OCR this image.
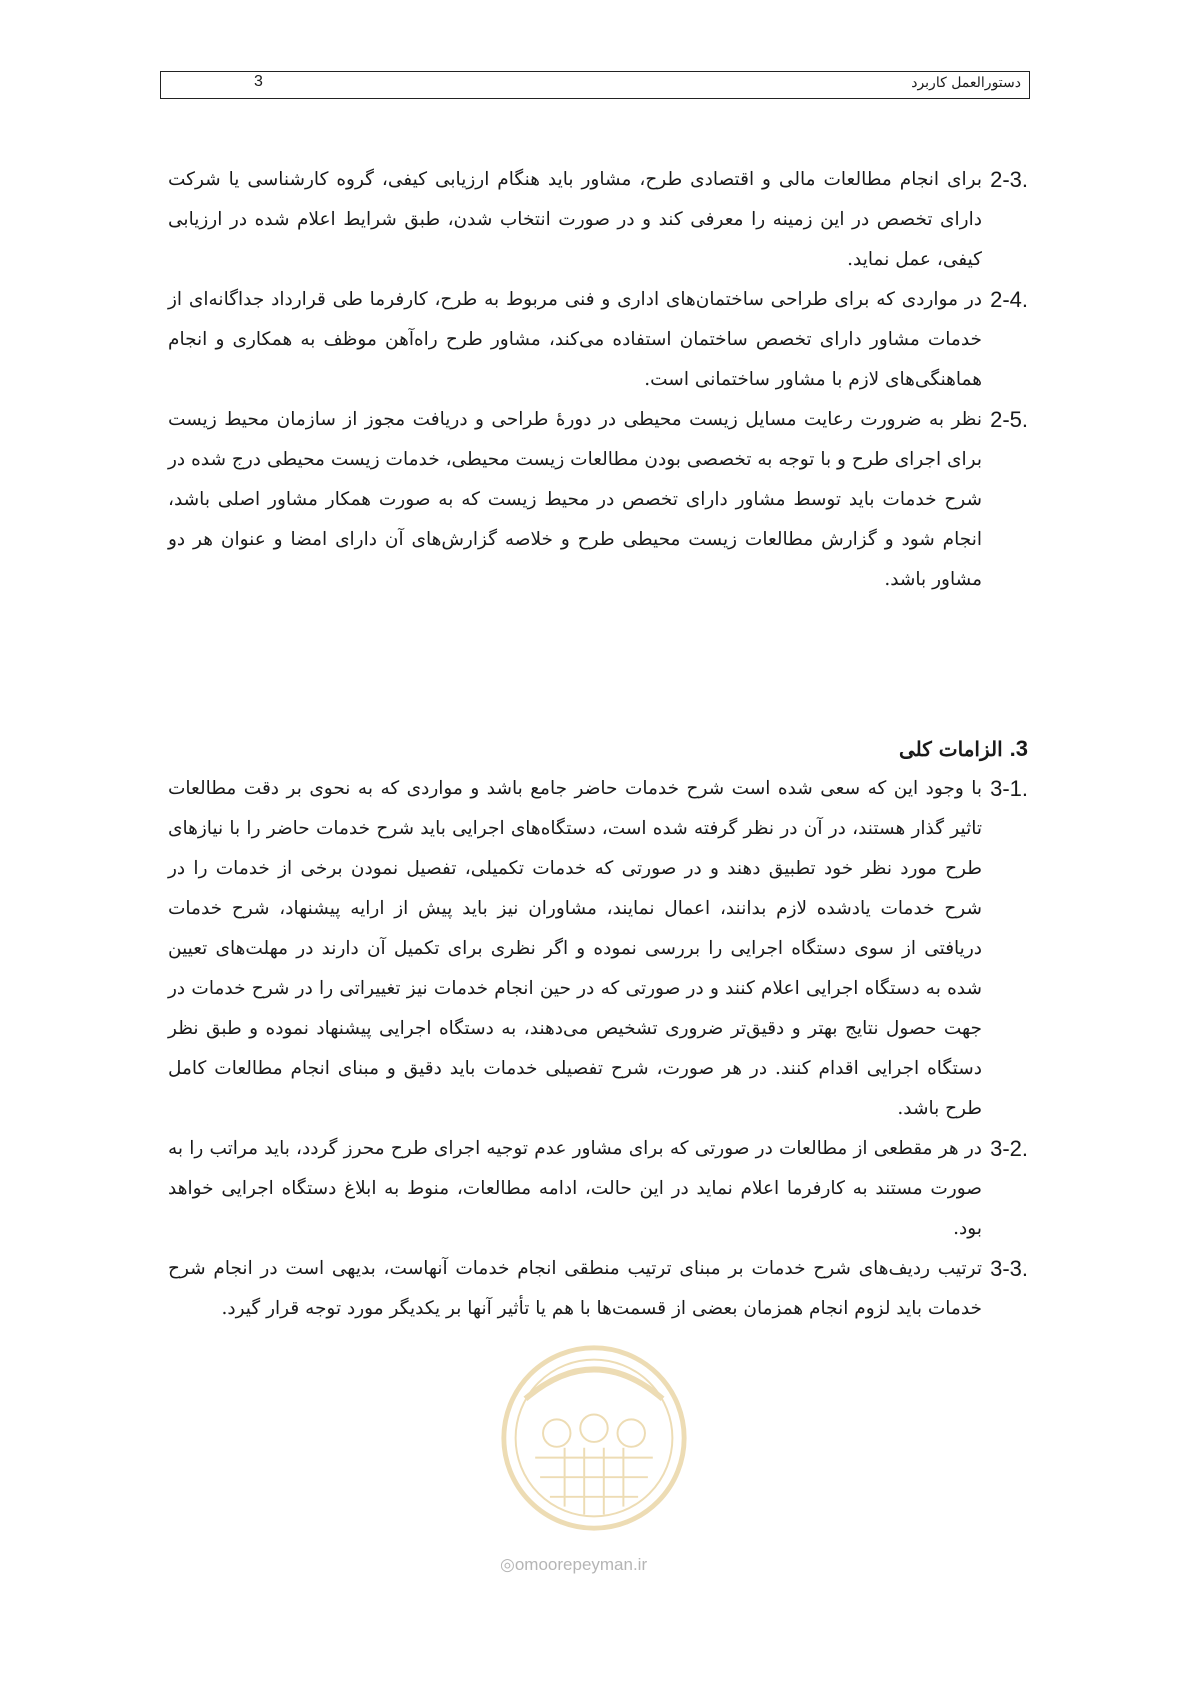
دستورالعمل کاربرد
3

2-3.
برای انجام مطالعات مالی و اقتصادی طرح، مشاور باید هنگام ارزیابی کیفی، گروه کارشناسی یا شرکت دارای تخصص در این زمینه را معرفی کند و در صورت انتخاب شدن، طبق شرایط اعلام شده در ارزیابی کیفی، عمل نماید.

2-4.
در مواردی که برای طراحی ساختمان‌های اداری و فنی مربوط به طرح، کارفرما طی قرارداد جداگانه‌ای از خدمات مشاور دارای تخصص ساختمان استفاده می‌کند، مشاور طرح راه‌آهن موظف به همکاری و انجام هماهنگی‌های لازم با مشاور ساختمانی است.

2-5.
نظر به ضرورت رعایت مسایل زیست محیطی در دورهٔ طراحی و دریافت مجوز از سازمان محیط زیست برای اجرای طرح و با توجه به تخصصی بودن مطالعات زیست محیطی، خدمات زیست محیطی درج شده در شرح خدمات باید توسط مشاور دارای تخصص در محیط زیست که به صورت همکار مشاور اصلی باشد، انجام شود و گزارش مطالعات زیست محیطی طرح و خلاصه گزارش‌های آن دارای امضا و عنوان هر دو مشاور باشد.

3. الزامات کلی

3-1.
با وجود این که سعی شده است شرح خدمات حاضر جامع باشد و مواردی که به نحوی بر دقت مطالعات تاثیر گذار هستند، در آن در نظر گرفته شده است، دستگاه‌های اجرایی باید شرح خدمات حاضر را با نیازهای طرح مورد نظر خود تطبیق دهند و در صورتی که خدمات تکمیلی، تفصیل نمودن برخی از خدمات را در شرح خدمات یادشده لازم بدانند، اعمال نمایند، مشاوران نیز باید پیش از ارایه پیشنهاد، شرح خدمات دریافتی از سوی دستگاه اجرایی را بررسی نموده و اگر نظری برای تکمیل آن دارند در مهلت‌های تعیین شده به دستگاه اجرایی اعلام کنند و در صورتی که در حین انجام خدمات نیز تغییراتی را در شرح خدمات در جهت حصول نتایج بهتر و دقیق‌تر ضروری تشخیص می‌دهند، به دستگاه اجرایی پیشنهاد نموده و طبق نظر دستگاه اجرایی اقدام کنند. در هر صورت، شرح تفصیلی خدمات باید دقیق و مبنای انجام مطالعات کامل طرح باشد.

3-2.
در هر مقطعی از مطالعات در صورتی که برای مشاور عدم توجیه اجرای طرح محرز گردد، باید مراتب را به صورت مستند به کارفرما اعلام نماید در این حالت، ادامه مطالعات، منوط به ابلاغ دستگاه اجرایی خواهد بود.

3-3.
ترتیب ردیف‌های شرح خدمات بر مبنای ترتیب منطقی انجام خدمات آنهاست، بدیهی است در انجام شرح خدمات باید لزوم انجام همزمان بعضی از قسمت‌ها با هم یا تأثیر آنها بر یکدیگر مورد توجه قرار گیرد.

◎omoorepeyman.ir
